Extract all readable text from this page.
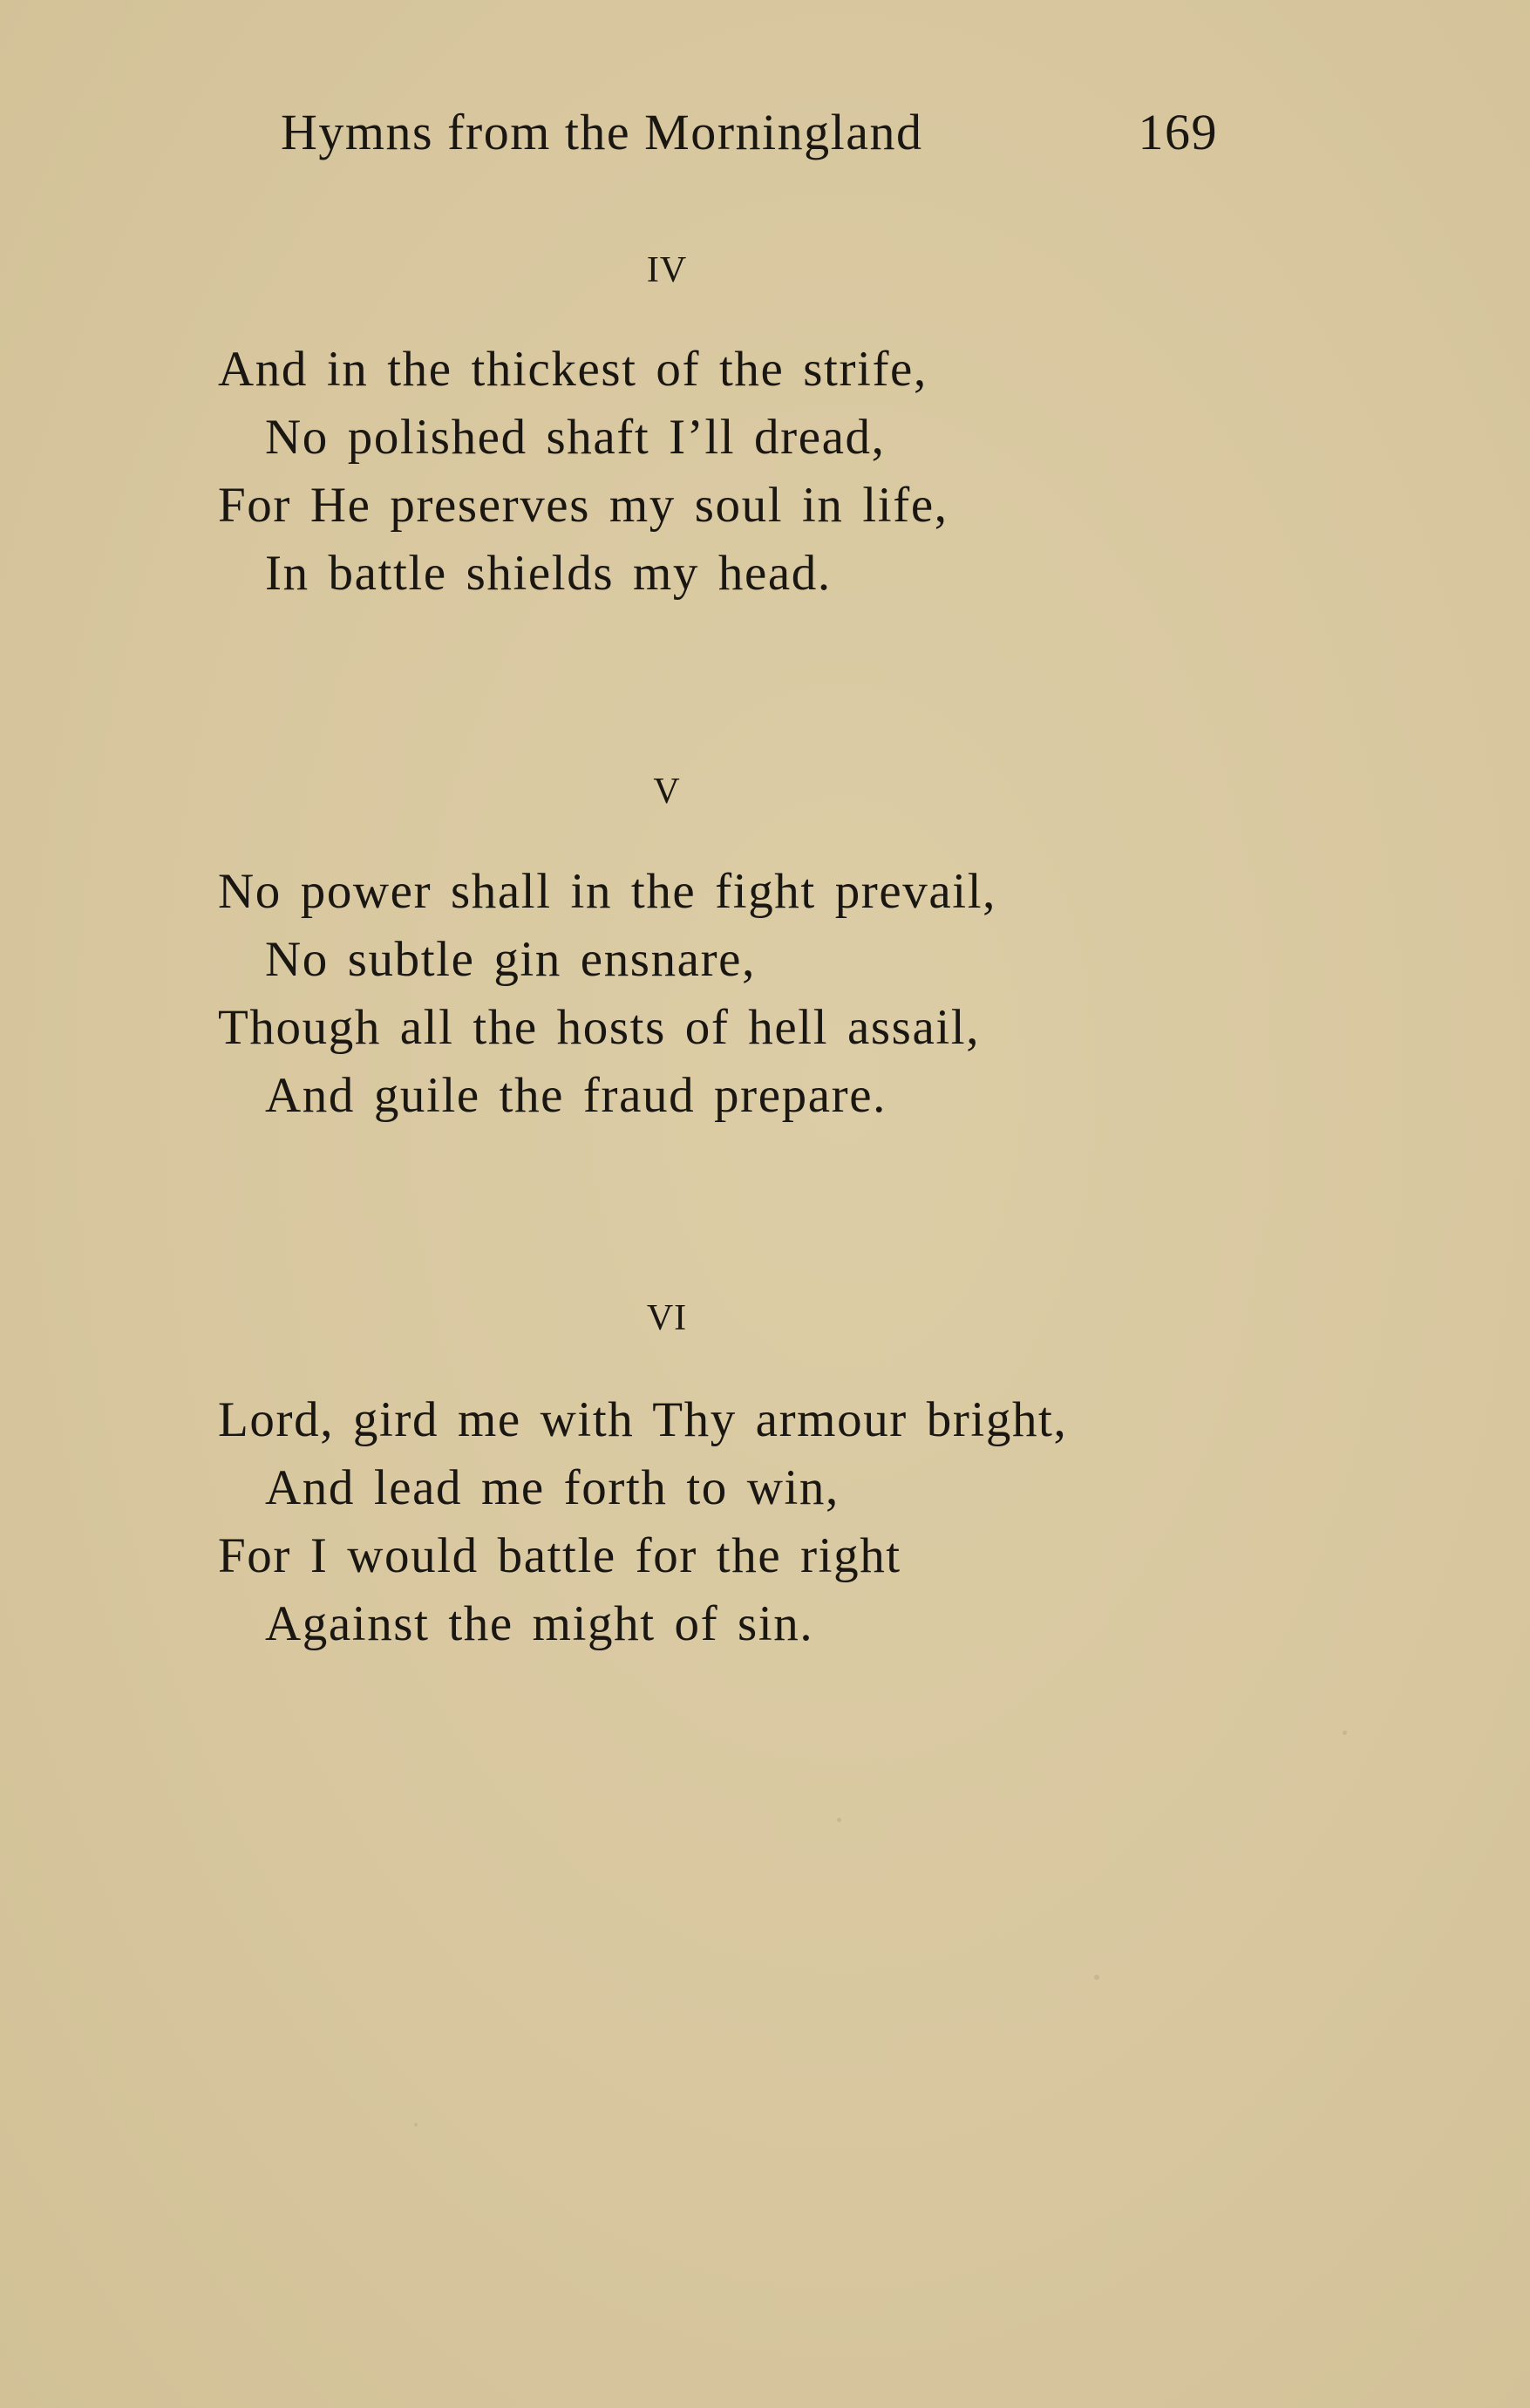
Hymns from the Morningland	169
IV
And in the thickest of the strife,
No polished shaft I’ll dread,
For He preserves my soul in life,
In battle shields my head.
V
No power shall in the fight prevail,
No subtle gin ensnare,
Though all the hosts of hell assail,
And guile the fraud prepare.
VI
Lord, gird me with Thy armour bright,
And lead me forth to win,
For I would battle for the right
Against the might of sin.
